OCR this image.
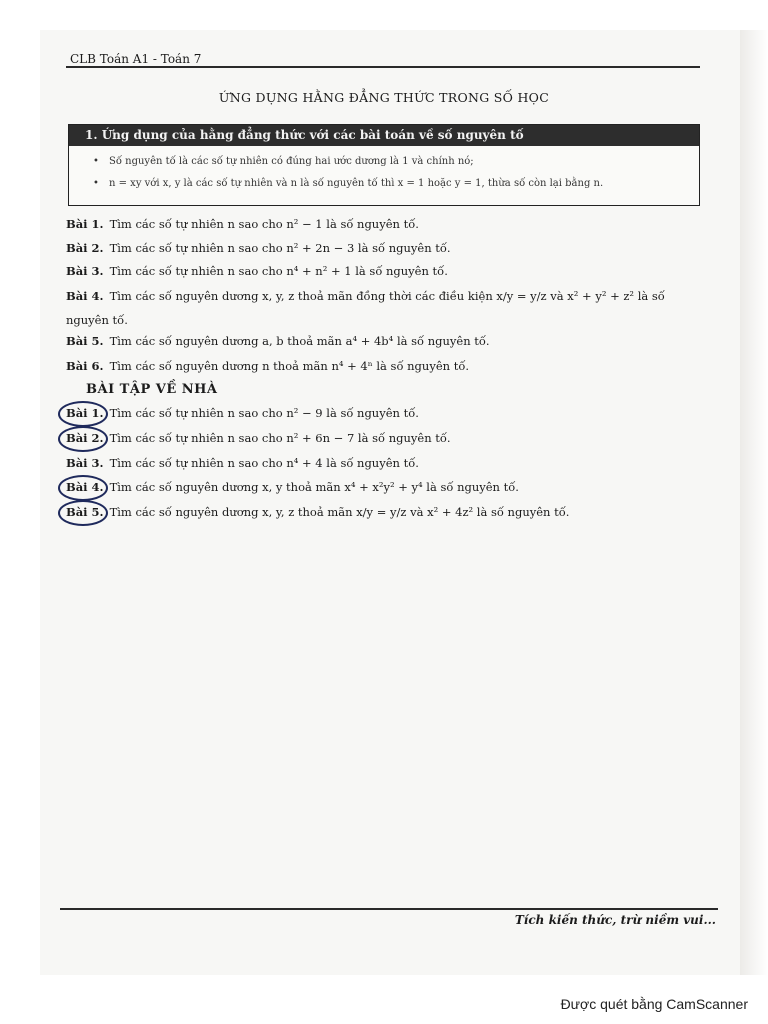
CLB Toán A1 - Toán 7
ỨNG DỤNG HẰNG ĐẲNG THỨC TRONG SỐ HỌC
1. Ứng dụng của hằng đẳng thức với các bài toán về số nguyên tố
• Số nguyên tố là các số tự nhiên có đúng hai ước dương là 1 và chính nó;
• n = xy với x, y là các số tự nhiên và n là số nguyên tố thì x = 1 hoặc y = 1, thừa số còn lại bằng n.
Bài 1. Tìm các số tự nhiên n sao cho n² − 1 là số nguyên tố.
Bài 2. Tìm các số tự nhiên n sao cho n² + 2n − 3 là số nguyên tố.
Bài 3. Tìm các số tự nhiên n sao cho n⁴ + n² + 1 là số nguyên tố.
Bài 4. Tìm các số nguyên dương x, y, z thoả mãn đồng thời các điều kiện x/y = y/z và x² + y² + z² là số nguyên tố.
Bài 5. Tìm các số nguyên dương a, b thoả mãn a⁴ + 4b⁴ là số nguyên tố.
Bài 6. Tìm các số nguyên dương n thoả mãn n⁴ + 4ⁿ là số nguyên tố.
BÀI TẬP VỀ NHÀ
Bài 1. Tìm các số tự nhiên n sao cho n² − 9 là số nguyên tố.
Bài 2. Tìm các số tự nhiên n sao cho n² + 6n − 7 là số nguyên tố.
Bài 3. Tìm các số tự nhiên n sao cho n⁴ + 4 là số nguyên tố.
Bài 4. Tìm các số nguyên dương x, y thoả mãn x⁴ + x²y² + y⁴ là số nguyên tố.
Bài 5. Tìm các số nguyên dương x, y, z thoả mãn x/y = y/z và x² + 4z² là số nguyên tố.
Tích kiến thức, trừ niềm vui...
Được quét bằng CamScanner
